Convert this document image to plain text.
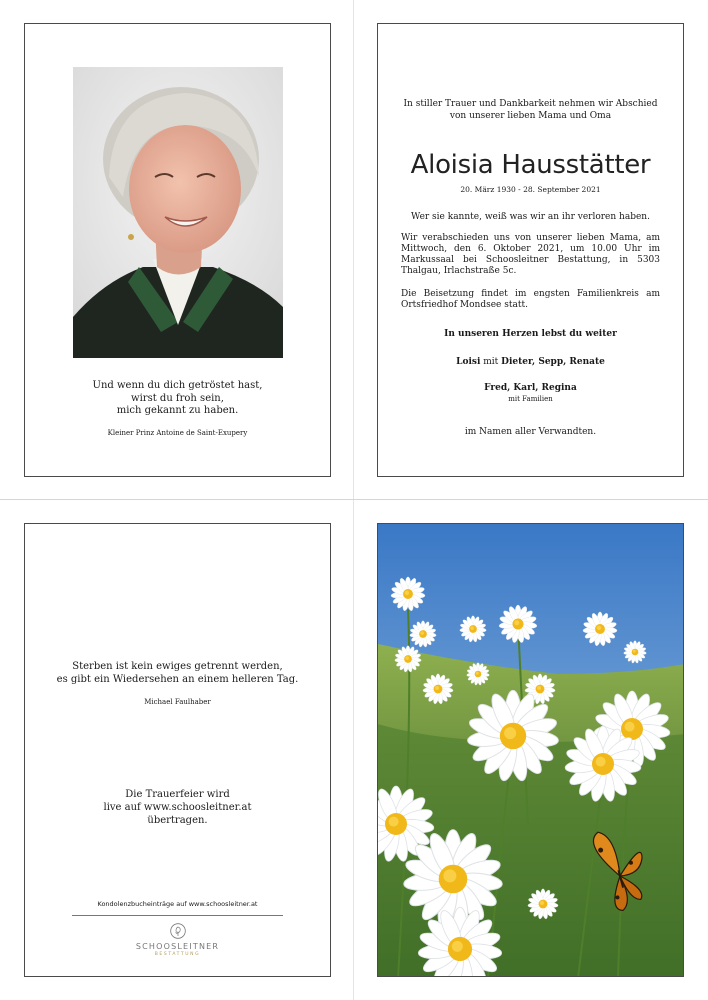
Und wenn du dich getröstet hast,
wirst du froh sein,
mich gekannt zu haben.
Kleiner Prinz Antoine de Saint-Exupery
In stiller Trauer und Dankbarkeit nehmen wir Abschied
von unserer lieben Mama und Oma
Aloisia Hausstätter
20. März 1930 - 28. September 2021
Wer sie kannte, weiß was wir an ihr verloren haben.
Wir verabschieden uns von unserer lieben Mama, am Mittwoch, den 6. Oktober 2021, um 10.00 Uhr im Markussaal bei Schoosleitner Bestattung, in 5303 Thalgau, Irlachstraße 5c.
Die Beisetzung findet im engsten Familienkreis am Ortsfriedhof Mondsee statt.
In unseren Herzen lebst du weiter
Loisi mit Dieter, Sepp, Renate
Fred, Karl, Regina
mit Familien
im Namen aller Verwandten.
Sterben ist kein ewiges getrennt werden,
es gibt ein Wiedersehen an einem helleren Tag.
Michael Faulhaber
Die Trauerfeier wird
live auf www.schoosleitner.at
übertragen.
Kondolenzbucheinträge auf www.schoosleitner.at
SCHOOSLEITNER
BESTATTUNG
